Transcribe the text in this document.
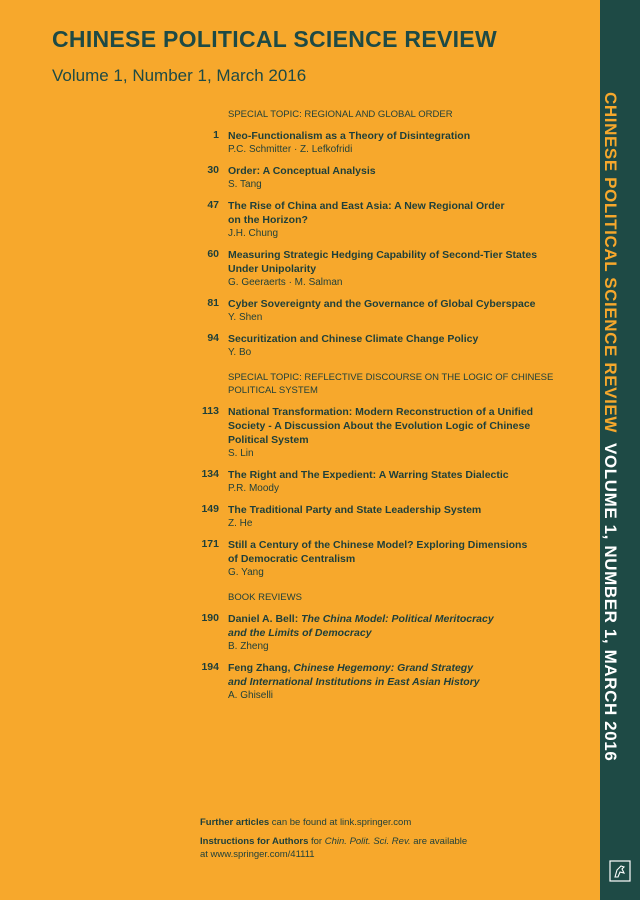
CHINESE POLITICAL SCIENCE REVIEW
Volume 1, Number 1, March 2016
SPECIAL TOPIC: REGIONAL AND GLOBAL ORDER
1 Neo-Functionalism as a Theory of Disintegration
P.C. Schmitter · Z. Lefkofridi
30 Order: A Conceptual Analysis
S. Tang
47 The Rise of China and East Asia: A New Regional Order
on the Horizon?
J.H. Chung
60 Measuring Strategic Hedging Capability of Second-Tier States
Under Unipolarity
G. Geeraerts · M. Salman
81 Cyber Sovereignty and the Governance of Global Cyberspace
Y. Shen
94 Securitization and Chinese Climate Change Policy
Y. Bo
SPECIAL TOPIC: REFLECTIVE DISCOURSE ON THE LOGIC OF CHINESE
POLITICAL SYSTEM
113 National Transformation: Modern Reconstruction of a Unified
Society - A Discussion About the Evolution Logic of Chinese
Political System
S. Lin
134 The Right and The Expedient: A Warring States Dialectic
P.R. Moody
149 The Traditional Party and State Leadership System
Z. He
171 Still a Century of the Chinese Model? Exploring Dimensions
of Democratic Centralism
G. Yang
BOOK REVIEWS
190 Daniel A. Bell: The China Model: Political Meritocracy
and the Limits of Democracy
B. Zheng
194 Feng Zhang, Chinese Hegemony: Grand Strategy
and International Institutions in East Asian History
A. Ghiselli
Further articles can be found at link.springer.com
Instructions for Authors for Chin. Polit. Sci. Rev. are available
at www.springer.com/41111
CHINESE POLITICAL SCIENCE REVIEWVOLUME 1, NUMBER 1, MARCH 2016
